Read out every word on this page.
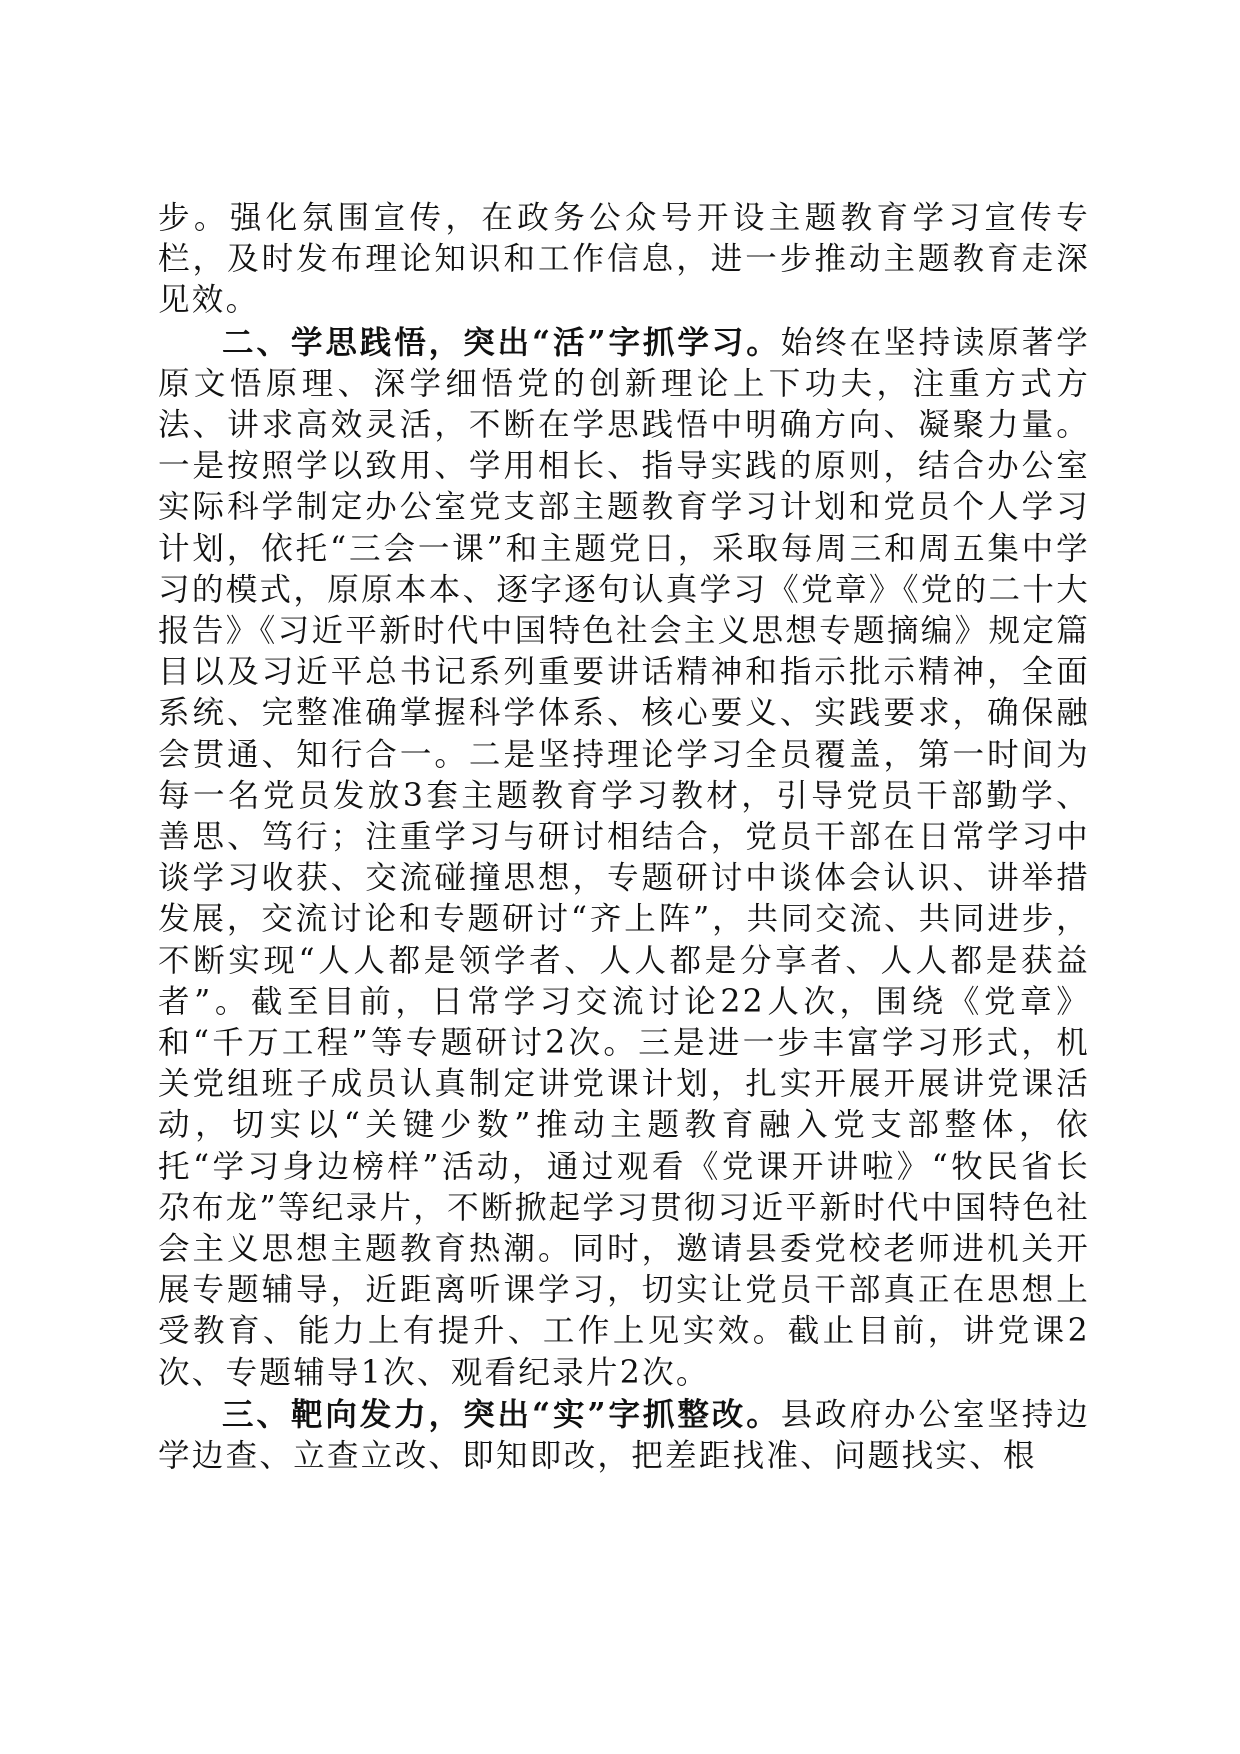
步。强化氛围宣传，在政务公众号开设主题教育学习宣传专栏，及时发布理论知识和工作信息，进一步推动主题教育走深见效。

二、学思践悟，突出“活”字抓学习。始终在坚持读原著学原文悟原理、深学细悟党的创新理论上下功夫，注重方式方法、讲求高效灵活，不断在学思践悟中明确方向、凝聚力量。一是按照学以致用、学用相长、指导实践的原则，结合办公室实际科学制定办公室党支部主题教育学习计划和党员个人学习计划，依托“三会一课”和主题党日，采取每周三和周五集中学习的模式，原原本本、逐字逐句认真学习《党章》《党的二十大报告》《习近平新时代中国特色社会主义思想专题摘编》规定篇目以及习近平总书记系列重要讲话精神和指示批示精神，全面系统、完整准确掌握科学体系、核心要义、实践要求，确保融会贯通、知行合一。二是坚持理论学习全员覆盖，第一时间为每一名党员发放3套主题教育学习教材，引导党员干部勤学、善思、笃行；注重学习与研讨相结合，党员干部在日常学习中谈学习收获、交流碰撞思想，专题研讨中谈体会认识、讲举措发展，交流讨论和专题研讨“齐上阵”，共同交流、共同进步，不断实现“人人都是领学者、人人都是分享者、人人都是获益者”。截至目前，日常学习交流讨论22人次，围绕《党章》和“千万工程”等专题研讨2次。三是进一步丰富学习形式，机关党组班子成员认真制定讲党课计划，扎实开展开展讲党课活动，切实以“关键少数”推动主题教育融入党支部整体，依托“学习身边榜样”活动，通过观看《党课开讲啦》“牧民省长尕布龙”等纪录片，不断掀起学习贯彻习近平新时代中国特色社会主义思想主题教育热潮。同时，邀请县委党校老师进机关开展专题辅导，近距离听课学习，切实让党员干部真正在思想上受教育、能力上有提升、工作上见实效。截止目前，讲党课2次、专题辅导1次、观看纪录片2次。

三、靶向发力，突出“实”字抓整改。县政府办公室坚持边学边查、立查立改、即知即改，把差距找准、问题找实、根
